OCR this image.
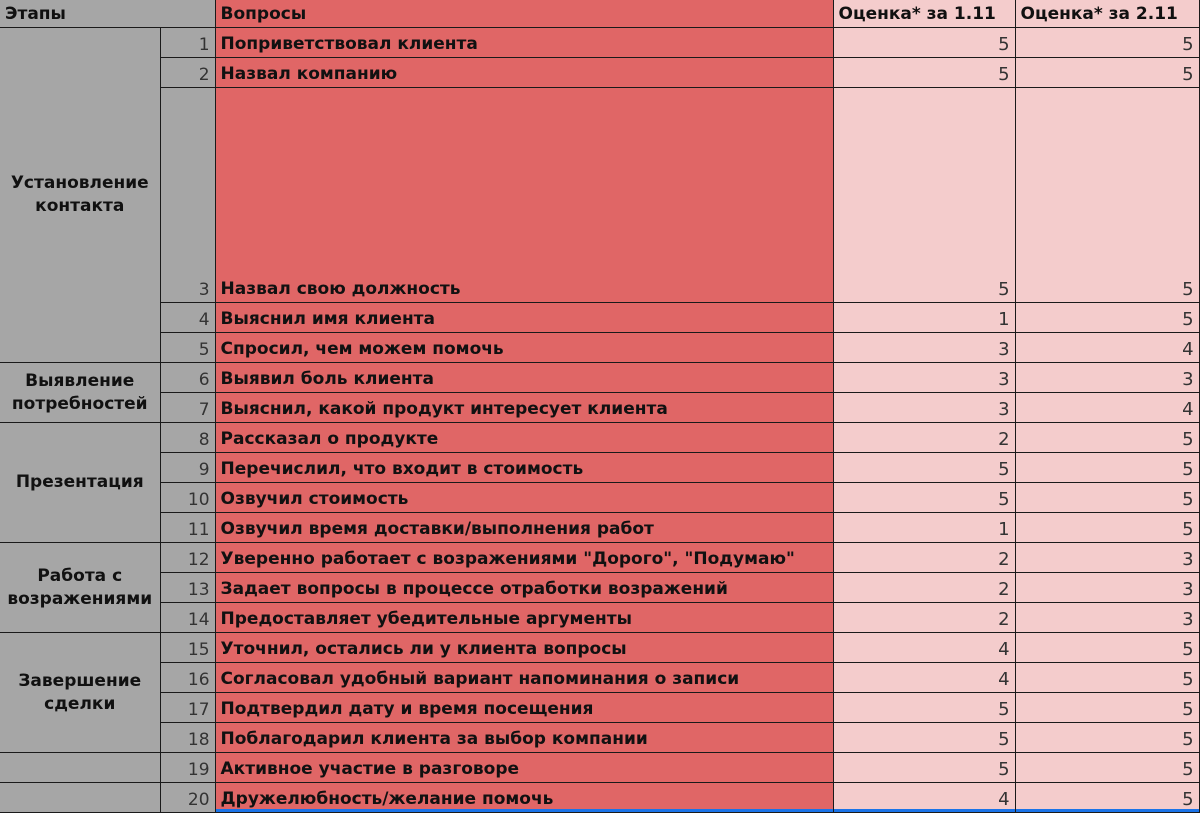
Этапы		Вопросы	Оценка* за 1.11	Оценка* за 2.11
Установление контакта	1	Поприветствовал клиента	5	5
	2	Назвал компанию	5	5
	3	Назвал свою должность	5	5
	4	Выяснил имя клиента	1	5
	5	Спросил, чем можем помочь	3	4
Выявление потребностей	6	Выявил боль клиента	3	3
	7	Выяснил, какой продукт интересует клиента	3	4
Презентация	8	Рассказал о продукте	2	5
	9	Перечислил, что входит в стоимость	5	5
	10	Озвучил стоимость	5	5
	11	Озвучил время доставки/выполнения работ	1	5
Работа с возражениями	12	Уверенно работает с возражениями "Дорого", "Подумаю"	2	3
	13	Задает вопросы в процессе отработки возражений	2	3
	14	Предоставляет убедительные аргументы	2	3
Завершение сделки	15	Уточнил, остались ли у клиента вопросы	4	5
	16	Согласовал удобный вариант напоминания о записи	4	5
	17	Подтвердил дату и время посещения	5	5
	18	Поблагодарил клиента за выбор компании	5	5
	19	Активное участие в разговоре	5	5
	20	Дружелюбность/желание помочь	4	5
